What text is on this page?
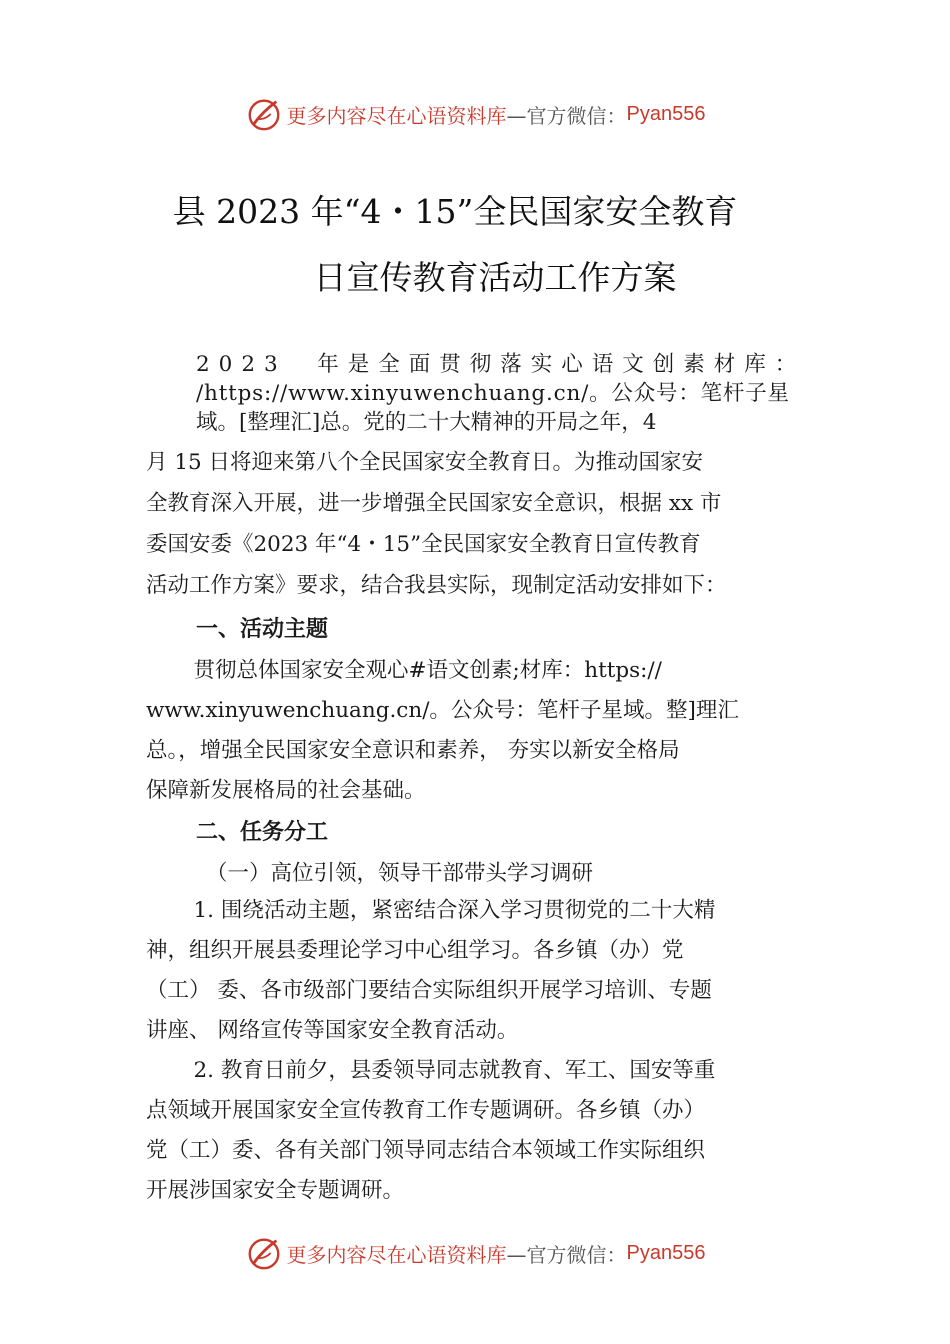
更多内容尽在心语资料库 —官方微信： Pyan556
县 2023 年“4・15”全民国家安全教育
日宣传教育活动工作方案
2023　年是全面贯彻落实心语文创素材库：
/https://www.xinyuwenchuang.cn/。公众号：笔杆子星
域。[整理汇]总。党的二十大精神的开局之年，4
月 15 日将迎来第八个全民国家安全教育日。为推动国家安
全教育深入开展，进一步增强全民国家安全意识，根据 xx 市
委国安委《2023 年“4・15”全民国家安全教育日宣传教育
活动工作方案》要求，结合我县实际，现制定活动安排如下：
一、活动主题
　贯彻总体国家安全观心#语文创素;材库：https://
www.xinyuwenchuang.cn/。公众号：笔杆子星域。整]理汇
总。，增强全民国家安全意识和素养， 夯实以新安全格局
保障新发展格局的社会基础。
二、任务分工
（一）高位引领，领导干部带头学习调研
　1. 围绕活动主题，紧密结合深入学习贯彻党的二十大精
神，组织开展县委理论学习中心组学习。各乡镇（办）党
（工） 委、各市级部门要结合实际组织开展学习培训、专题
讲座、 网络宣传等国家安全教育活动。
　2. 教育日前夕，县委领导同志就教育、军工、国安等重
点领域开展国家安全宣传教育工作专题调研。各乡镇（办）
党（工）委、各有关部门领导同志结合本领域工作实际组织
开展涉国家安全专题调研。
更多内容尽在心语资料库 —官方微信： Pyan556
